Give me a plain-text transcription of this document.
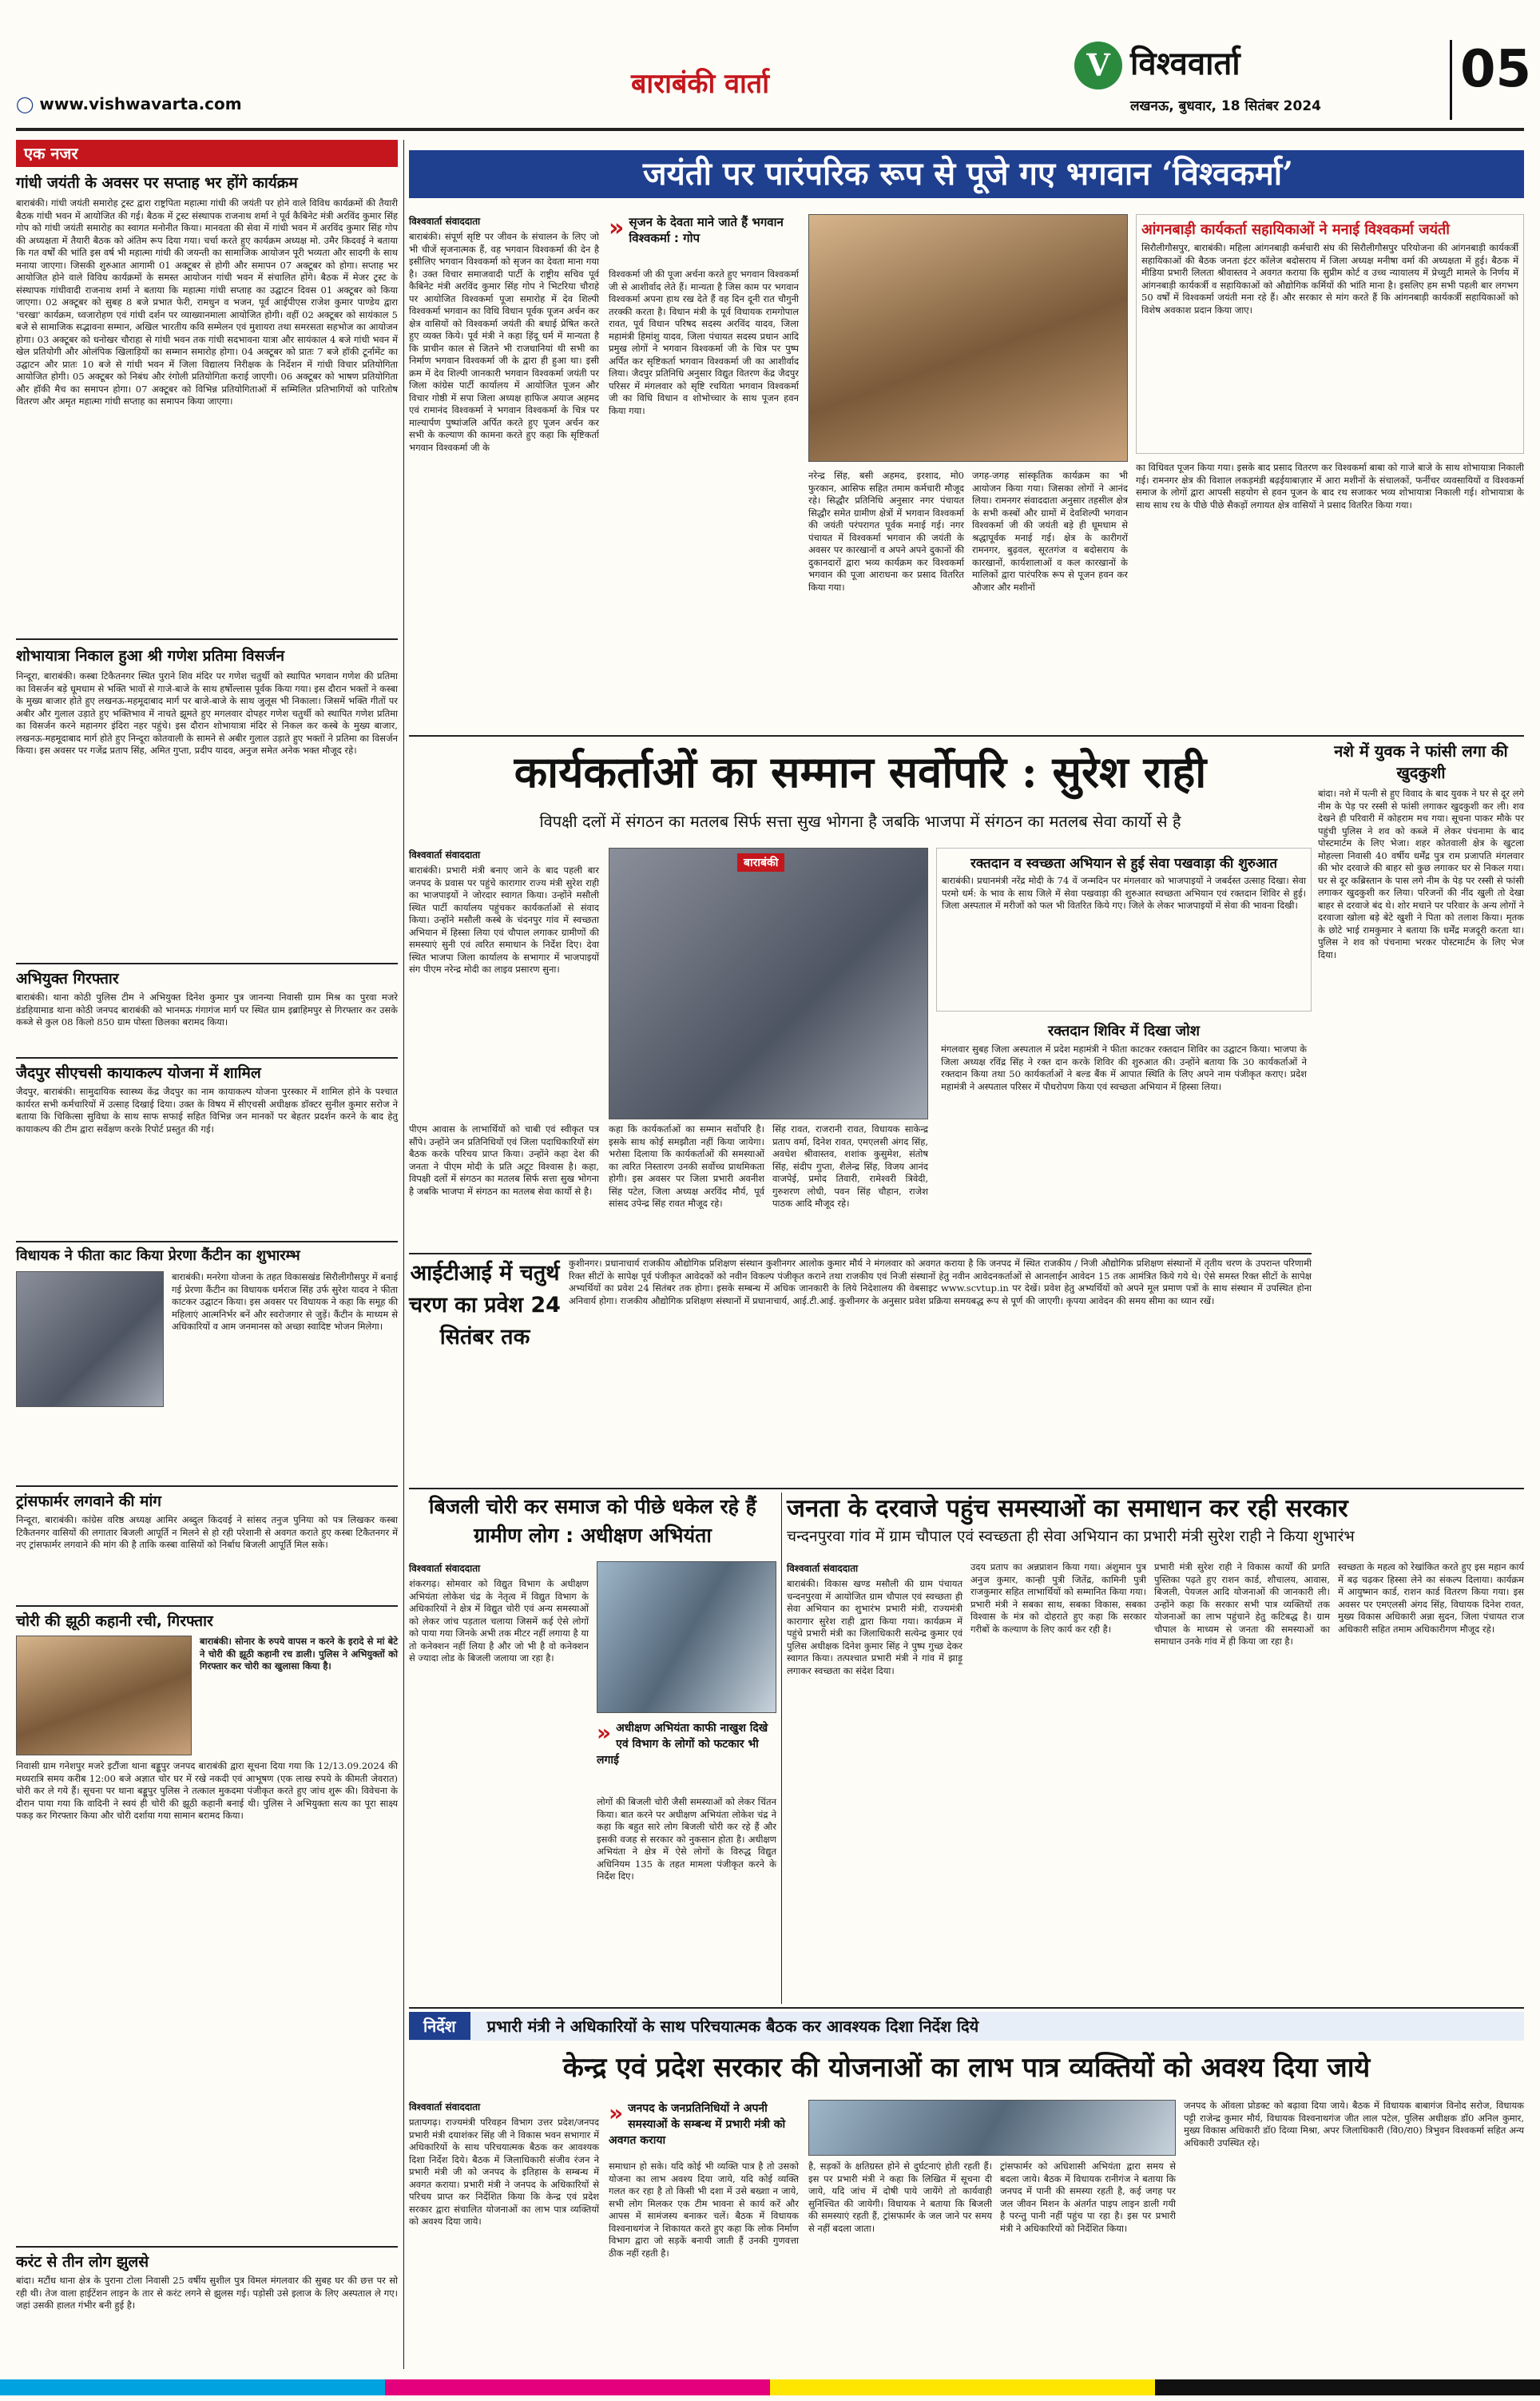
बाराबंकी वार्ता
◯ www.vishwavarta.com
V विश्ववार्ता
लखनऊ, बुधवार, 18 सितंबर 2024
05
एक नजर
गांधी जयंती के अवसर पर सप्ताह भर होंगे कार्यक्रम
बाराबंकी। गांधी जयंती समारोह ट्रस्ट द्वारा राष्ट्रपिता महात्मा गांधी की जयंती पर होने वाले विविध कार्यक्रमों की तैयारी बैठक गांधी भवन में आयोजित की गई। बैठक में ट्रस्ट संस्थापक राजनाथ शर्मा ने पूर्व कैबिनेट मंत्री अरविंद कुमार सिंह गोप को गांधी जयंती समारोह का स्वागत मनोनीत किया। मानवता की सेवा में गांधी भवन में अरविंद कुमार सिंह गोप की अध्यक्षता में तैयारी बैठक को अंतिम रूप दिया गया। चर्चा करते हुए कार्यक्रम अध्यक्ष मो. उमैर किदवई ने बताया कि गत वर्षों की भांति इस वर्ष भी महात्मा गांधी की जयन्ती का सामाजिक आयोजन पूरी भव्यता और सादगी के साथ मनाया जाएगा। जिसकी शुरुआत आगामी 01 अक्टूबर से होगी और समापन 07 अक्टूबर को होगा। सप्ताह भर आयोजित होने वाले विविध कार्यक्रमों के समस्त आयोजन गांधी भवन में संचालित होंगे। बैठक में मेजर ट्रस्ट के संस्थापक गांधीवादी राजनाथ शर्मा ने बताया कि महात्मा गांधी सप्ताह का उद्घाटन दिवस 01 अक्टूबर को किया जाएगा। 02 अक्टूबर को सुबह 8 बजे प्रभात फेरी, रामधुन व भजन, पूर्व आईपीएस राजेश कुमार पाण्डेय द्वारा 'चरखा' कार्यक्रम, ध्वजारोहण एवं गांधी दर्शन पर व्याख्यानमाला आयोजित होगी। वहीं 02 अक्टूबर को सायंकाल 5 बजे से सामाजिक सद्भावना सम्मान, अखिल भारतीय कवि सम्मेलन एवं मुशायरा तथा समरसता सहभोज का आयोजन होगा। 03 अक्टूबर को धनोखर चौराहा से गांधी भवन तक गांधी सदभावना यात्रा और सायंकाल 4 बजे गांधी भवन में खेल प्रतियोगी और ओलंपिक खिलाड़ियों का सम्मान समारोह होगा। 04 अक्टूबर को प्रातः 7 बजे हॉकी टूर्नामेंट का उद्घाटन और प्रातः 10 बजे से गांधी भवन में जिला विद्यालय निरीक्षक के निर्देशन में गांधी विचार प्रतियोगिता आयोजित होगी। 05 अक्टूबर को निबंध और रंगोली प्रतियोगिता कराई जाएगी। 06 अक्टूबर को भाषण प्रतियोगिता और हॉकी मैच का समापन होगा। 07 अक्टूबर को विभिन्न प्रतियोगिताओं में सम्मिलित प्रतिभागियों को पारितोष वितरण और अमृत महात्मा गांधी सप्ताह का समापन किया जाएगा।
शोभायात्रा निकाल हुआ श्री गणेश प्रतिमा विसर्जन
निन्दूरा, बाराबंकी। कस्बा टिकैतनगर स्थित पुराने शिव मंदिर पर गणेश चतुर्थी को स्थापित भगवान गणेश की प्रतिमा का विसर्जन बड़े धूमधाम से भक्ति भावों से गाजे-बाजे के साथ हर्षोल्लास पूर्वक किया गया। इस दौरान भक्तों ने कस्बा के मुख्य बाजार होते हुए लखनऊ-महमूदाबाद मार्ग पर बाजे-बाजे के साथ जुलूस भी निकाला। जिसमें भक्ति गीतों पर अबीर और गुलाल उड़ाते हुए भक्तिभाव में नाचते झूमते हुए मगलवार दोपहर गणेश चतुर्थी को स्थापित गणेश प्रतिमा का विसर्जन करने महानगर इंदिरा नहर पहुंचे। इस दौरान शोभायात्रा मंदिर से निकल कर कस्बे के मुख्य बाजार, लखनऊ-महमूदाबाद मार्ग होते हुए निन्दूरा कोतवाली के सामने से अबीर गुलाल उड़ाते हुए भक्तों ने प्रतिमा का विसर्जन किया। इस अवसर पर गजेंद्र प्रताप सिंह, अमित गुप्ता, प्रदीप यादव, अनुज समेत अनेक भक्त मौजूद रहे।
अभियुक्त गिरफ्तार
बाराबंकी। थाना कोठी पुलिस टीम ने अभियुक्त दिनेश कुमार पुत्र जानन्या निवासी ग्राम मिश्र का पुरवा मजरे डंडहियामाड थाना कोठी जनपद बाराबंकी को भानमऊ गंगागंज मार्ग पर स्थित ग्राम इब्राहिमपुर से गिरफ्तार कर उसके कब्जे से कुल 08 किलो 850 ग्राम पोस्ता छिलका बरामद किया।
जैदपुर सीएचसी कायाकल्प योजना में शामिल
जैदपुर, बाराबंकी। सामुदायिक स्वास्थ्य केंद्र जैदपुर का नाम कायाकल्प योजना पुरस्कार में शामिल होने के पश्चात कार्यरत सभी कर्मचारियों में उत्साह दिखाई दिया। उक्त के विषय में सीएचसी अधीक्षक डॉक्टर सुनील कुमार सरोज ने बताया कि चिकित्सा सुविधा के साथ साफ सफाई सहित विभिन्न जन मानकों पर बेहतर प्रदर्शन करने के बाद हेतु कायाकल्प की टीम द्वारा सर्वेक्षण करके रिपोर्ट प्रस्तुत की गई।
विधायक ने फीता काट किया प्रेरणा कैंटीन का शुभारम्भ
बाराबंकी। मनरेगा योजना के तहत विकासखंड सिरौलीगौसपुर में बनाई गई प्रेरणा कैंटीन का विधायक धर्मराज सिंह उर्फ सुरेश यादव ने फीता काटकर उद्घाटन किया। इस अवसर पर विधायक ने कहा कि समूह की महिलाएं आत्मनिर्भर बनें और स्वरोजगार से जुड़ें। कैंटीन के माध्यम से अधिकारियों व आम जनमानस को अच्छा स्वादिष्ट भोजन मिलेगा।
ट्रांसफार्मर लगवाने की मांग
निन्दूरा, बाराबंकी। कांग्रेस वरिष्ठ अध्यक्ष आमिर अब्दुल किदवई ने सांसद तनुज पुनिया को पत्र लिखकर कस्बा टिकैतनगर वासियों की लगातार बिजली आपूर्ति न मिलने से हो रही परेशानी से अवगत कराते हुए कस्बा टिकैतनगर में नए ट्रांसफार्मर लगवाने की मांग की है ताकि कस्बा वासियों को निर्बाध बिजली आपूर्ति मिल सके।
चोरी की झूठी कहानी रची, गिरफ्तार
बाराबंकी। सोनार के रुपये वापस न करने के इरादे से मां बेटे ने चोरी की झूठी कहानी रच डाली। पुलिस ने अभियुक्तों को गिरफ्तार कर चोरी का खुलासा किया है।
निवासी ग्राम गनेशपुर मजरे इटौंजा थाना बड्डूपुर जनपद बाराबंकी द्वारा सूचना दिया गया कि 12/13.09.2024 की मध्यरात्रि समय करीब 12:00 बजे अज्ञात चोर घर में रखे नकदी एवं आभूषण (एक लाख रुपये के कीमती जेवरात) चोरी कर ले गये हैं। सूचना पर थाना बड्डूपुर पुलिस ने तत्काल मुकदमा पंजीकृत करते हुए जांच शुरू की। विवेचना के दौरान पाया गया कि वादिनी ने स्वयं ही चोरी की झूठी कहानी बनाई थी। पुलिस ने अभियुक्ता सत्य का पूरा साक्ष्य पकड़ कर गिरफ्तार किया और चोरी दर्शाया गया सामान बरामद किया।
करंट से तीन लोग झुलसे
बांदा। मटौंध थाना क्षेत्र के पुराना टोला निवासी 25 वर्षीय सुशील पुत्र विमल मंगलवार की सुबह घर की छत्त पर सो रही थी। तेज वाला हाईटेंशन लाइन के तार से करंट लगने से झुलस गई। पड़ोसी उसे इलाज के लिए अस्पताल ले गए। जहां उसकी हालत गंभीर बनी हुई है।
जयंती पर पारंपरिक रूप से पूजे गए भगवान ‘विश्वकर्मा’
विश्ववार्ता संवाददाता
बाराबंकी। संपूर्ण सृष्टि पर जीवन के संचालन के लिए जो भी चीजें सृजनात्मक हैं, वह भगवान विश्वकर्मा की देन है इसीलिए भगवान विश्वकर्मा को सृजन का देवता माना गया है। उक्त विचार समाजवादी पार्टी के राष्ट्रीय सचिव पूर्व कैबिनेट मंत्री अरविंद कुमार सिंह गोप ने भिटरिया चौराहे पर आयोजित विश्वकर्मा पूजा समारोह में देव शिल्पी विश्वकर्मा भगवान का विधि विधान पूर्वक पूजन अर्चन कर क्षेत्र वासियों को विश्वकर्मा जयंती की बधाई प्रेषित करते हुए व्यक्त किये। पूर्व मंत्री ने कहा हिंदू धर्म में मान्यता है कि प्राचीन काल से जितने भी राजधानियां थी सभी का निर्माण भगवान विश्वकर्मा जी के द्वारा ही हुआ था। इसी क्रम में देव शिल्पी जानकारी भगवान विश्वकर्मा जयंती पर जिला कांग्रेस पार्टी कार्यालय में आयोजित पूजन और विचार गोष्ठी में सपा जिला अध्यक्ष हाफिज अयाज अहमद एवं रामानंद विश्वकर्मा ने भगवान विश्वकर्मा के चित्र पर माल्यार्पण पुष्पांजलि अर्पित करते हुए पूजन अर्चन कर सभी के कल्याण की कामना करते हुए कहा कि सृष्टिकर्ता भगवान विश्वकर्मा जी के
» सृजन के देवता माने जाते हैं भगवान विश्वकर्मा : गोप
विश्वकर्मा जी की पूजा अर्चना करते हुए भगवान विश्वकर्मा जी से आशीर्वाद लेते हैं। मान्यता है जिस काम पर भगवान विश्वकर्मा अपना हाथ रख देते हैं वह दिन दूनी रात चौगुनी तरक्की करता है। विधान मंत्री के पूर्व विधायक रामगोपाल रावत, पूर्व विधान परिषद सदस्य अरविंद यादव, जिला महामंत्री हिमांशु यादव, जिला पंचायत सदस्य प्रधान आदि प्रमुख लोगों ने भगवान विश्वकर्मा जी के चित्र पर पुष्प अर्पित कर सृष्टिकर्ता भगवान विश्वकर्मा जी का आशीर्वाद लिया। जैदपुर प्रतिनिधि अनुसार विद्युत वितरण केंद्र जैदपुर परिसर में मंगलवार को सृष्टि रचयिता भगवान विश्वकर्मा जी का विधि विधान व शोभोच्चार के साथ पूजन हवन किया गया।
नरेन्द्र सिंह, बसी अहमद, इरशाद, मो0 फुरकान, आसिफ सहित तमाम कर्मचारी मौजूद रहे। सिद्धौर प्रतिनिधि अनुसार नगर पंचायत सिद्धौर समेत ग्रामीण क्षेत्रों में भगवान विश्वकर्मा की जयंती परंपरागत पूर्वक मनाई गई। नगर पंचायत में विश्वकर्मा भगवान की जयंती के अवसर पर कारखानों व अपने अपने दुकानों की दुकानदारों द्वारा भव्य कार्यक्रम कर विश्वकर्मा भगवान की पूजा आराधना कर प्रसाद वितरित किया गया।
जगह-जगह सांस्कृतिक कार्यक्रम का भी आयोजन किया गया। जिसका लोगों ने आनंद लिया। रामनगर संवाददाता अनुसार तहसील क्षेत्र के सभी कस्बों और ग्रामों में देवशिल्पी भगवान विश्वकर्मा जी की जयंती बड़े ही धूमधाम से श्रद्धापूर्वक मनाई गई। क्षेत्र के कारीगरों रामनगर, बुढ़वल, सूरतगंज व बदोसराय के कारखानों, कार्यशालाओं व कल कारखानों के मालिकों द्वारा पारंपरिक रूप से पूजन हवन कर औजार और मशीनों
आंगनबाड़ी कार्यकर्ता सहायिकाओं ने मनाई विश्वकर्मा जयंती
सिरौलीगौसपुर, बाराबंकी। महिला आंगनबाड़ी कर्मचारी संघ की सिरौलीगौसपुर परियोजना की आंगनबाड़ी कार्यकर्त्री सहायिकाओं की बैठक जनता इंटर कॉलेज बदोसराय में जिला अध्यक्ष मनीषा वर्मा की अध्यक्षता में हुई। बैठक में मीडिया प्रभारी लिलता श्रीवास्तव ने अवगत कराया कि सुप्रीम कोर्ट व उच्च न्यायालय में प्रेच्युटी मामले के निर्णय में आंगनबाड़ी कार्यकर्त्री व सहायिकाओं को औद्योगिक कर्मियों की भांति माना है। इसलिए हम सभी पहली बार लगभग 50 वर्षों में विश्वकर्मा जयंती मना रहे हैं। और सरकार से मांग करते हैं कि आंगनबाड़ी कार्यकर्त्री सहायिकाओं को विशेष अवकाश प्रदान किया जाए।
का विधिवत पूजन किया गया। इसके बाद प्रसाद वितरण कर विश्वकर्मा बाबा को गाजे बाजे के साथ शोभायात्रा निकाली गई। रामनगर क्षेत्र की विशाल लकड़मंडी बढ़ईयाबाज़ार में आरा मशीनों के संचालकों, फर्नीचर व्यवसायियों व विश्वकर्मा समाज के लोगों द्वारा आपसी सहयोग से हवन पूजन के बाद रथ सजाकर भव्य शोभायात्रा निकाली गई। शोभायात्रा के साथ साथ रथ के पीछे पीछे सैकड़ों लगायत क्षेत्र वासियों ने प्रसाद वितरित किया गया।
कार्यकर्ताओं का सम्मान सर्वोपरि : सुरेश राही
विपक्षी दलों में संगठन का मतलब सिर्फ सत्ता सुख भोगना है जबकि भाजपा में संगठन का मतलब सेवा कार्यो से है
विश्ववार्ता संवाददाता
बाराबंकी। प्रभारी मंत्री बनाए जाने के बाद पहली बार जनपद के प्रवास पर पहुंचे कारागार राज्य मंत्री सुरेश राही का भाजपाइयों ने जोरदार स्वागत किया। उन्होंने मसौली स्थित पार्टी कार्यालय पहुंचकर कार्यकर्ताओं से संवाद किया। उन्होंने मसौली कस्बे के चंदनपुर गांव में स्वच्छता अभियान में हिस्सा लिया एवं चौपाल लगाकर ग्रामीणों की समस्याएं सुनी एवं त्वरित समाधान के निर्देश दिए। देवा स्थित भाजपा जिला कार्यालय के सभागार में भाजपाइयों संग पीएम नरेन्द्र मोदी का लाइव प्रसारण सुना।
बाराबंकी	रक्तदान व स्वच्छता अभियान से हुई सेवा पखवाड़ा की शुरुआत
बाराबंकी। प्रधानमंत्री नरेंद्र मोदी के 74 वें जन्मदिन पर मंगलवार को भाजपाइयों ने जबर्दस्त उत्साह दिखा। सेवा परमो धर्म: के भाव के साथ जिले में सेवा पखवाड़ा की शुरुआत स्वच्छता अभियान एवं रक्तदान शिविर से हुई। जिला अस्पताल में मरीजों को फल भी वितरित किये गए। जिले के लेकर भाजपाइयों में सेवा की भावना दिखी।
रक्तदान शिविर में दिखा जोश
मंगलवार सुबह जिला अस्पताल में प्रदेश महामंत्री ने फीता काटकर रक्तदान शिविर का उद्घाटन किया। भाजपा के जिला अध्यक्ष रविंद्र सिंह ने रक्त दान करके शिविर की शुरुआत की। उन्होंने बताया कि 30 कार्यकर्ताओं ने रक्तदान किया तथा 50 कार्यकर्ताओं ने बल्ड बैंक में आपात स्थिति के लिए अपने नाम पंजीकृत कराए। प्रदेश महामंत्री ने अस्पताल परिसर में पौधरोपण किया एवं स्वच्छता अभियान में हिस्सा लिया।
पीएम आवास के लाभार्थियों को चाबी एवं स्वीकृत पत्र सौंपे। उन्होंने जन प्रतिनिधियों एवं जिला पदाधिकारियों संग बैठक करके परिचय प्राप्त किया। उन्होंने कहा देश की जनता ने पीएम मोदी के प्रति अटूट विश्वास है। कहा, विपक्षी दलों में संगठन का मतलब सिर्फ सत्ता सुख भोगना है जबकि भाजपा में संगठन का मतलब सेवा कार्यो से है।
कहा कि कार्यकर्ताओं का सम्मान सर्वोपरि है। इसके साथ कोई समझौता नहीं किया जायेगा। भरोसा दिलाया कि कार्यकर्ताओं की समस्याओं का त्वरित निस्तारण उनकी सर्वोच्च प्राथमिकता होगी। इस अवसर पर जिला प्रभारी अवनीश सिंह पटेल, जिला अध्यक्ष अरविंद मौर्य, पूर्व सांसद उपेन्द्र सिंह रावत मौजूद रहे।
सिंह रावत, राजरानी रावत, विधायक साकेन्द्र प्रताप वर्मा, दिनेश रावत, एमएलसी अंगद सिंह, अवधेश श्रीवास्तव, शशांक कुसुमेश, संतोष सिंह, संदीप गुप्ता, शैलेन्द्र सिंह, विजय आनंद वाजपेई, प्रमोद तिवारी, रामेश्वरी त्रिवेदी, गुरुशरण लोधी, पवन सिंह चौहान, राजेश पाठक आदि मौजूद रहे।
नशे में युवक ने फांसी लगा की खुदकुशी
बांदा। नशे में पत्नी से हुए विवाद के बाद युवक ने घर से दूर लगे नीम के पेड़ पर रस्सी से फांसी लगाकर खुदकुशी कर ली। शव देखने ही परिवारी में कोहराम मच गया। सूचना पाकर मौके पर पहुंची पुलिस ने शव को कब्जे में लेकर पंचनामा के बाद पोस्टमार्टम के लिए भेजा। शहर कोतवाली क्षेत्र के खुटला मोहल्ला निवासी 40 वर्षीय धर्मेंद्र पुत्र राम प्रजापति मंगलवार की भोर दरवाजे की बाहर सो कुछ लगाकर घर से निकल गया। घर से दूर कब्रिस्तान के पास लगे नीम के पेड़ पर रस्सी से फांसी लगाकर खुदकुशी कर लिया। परिजनों की नींद खुली तो देखा बाहर से दरवाजे बंद थे। शोर मचाने पर परिवार के अन्य लोगों ने दरवाजा खोला बड़े बेटे खुशी ने पिता को तलाश किया। मृतक के छोटे भाई रामकुमार ने बताया कि धर्मेंद्र मजदूरी करता था। पुलिस ने शव को पंचनामा भरकर पोस्टमार्टम के लिए भेज दिया।
आईटीआई में चतुर्थ चरण का प्रवेश 24 सितंबर तक
कुशीनगर। प्रधानाचार्य राजकीय औद्योगिक प्रशिक्षण संस्थान कुशीनगर आलोक कुमार मौर्य ने मंगलवार को अवगत कराया है कि जनपद में स्थित राजकीय / निजी औद्योगिक प्रशिक्षण संस्थानों में तृतीय चरण के उपरान्त परिणामी रिक्त सीटों के सापेक्ष पूर्व पंजीकृत आवेदकों को नवीन विकल्प पंजीकृत कराने तथा राजकीय एवं निजी संस्थानों हेतु नवीन आवेदनकर्ताओं से आनलाईन आवेदन 15 तक आमंत्रित किये गये थे। ऐसे समस्त रिक्त सीटों के सापेक्ष अभ्यर्थियों का प्रवेश 24 सितंबर तक होगा। इसके सम्बन्ध में अधिक जानकारी के लिये निदेशालय की वेबसाइट www.scvtup.in पर देखें। प्रवेश हेतु अभ्यर्थियों को अपने मूल प्रमाण पत्रों के साथ संस्थान में उपस्थित होना अनिवार्य होगा। राजकीय औद्योगिक प्रशिक्षण संस्थानों में प्रधानाचार्य, आई.टी.आई. कुशीनगर के अनुसार प्रवेश प्रक्रिया समयबद्ध रूप से पूर्ण की जाएगी। कृपया आवेदन की समय सीमा का ध्यान रखें।
बिजली चोरी कर समाज को पीछे धकेल रहे हैं ग्रामीण लोग : अधीक्षण अभियंता
विश्ववार्ता संवाददाता
शंकरगढ़। सोमवार को विद्युत विभाग के अधीक्षण अभियंता लोकेश चंद्र के नेतृत्व में विद्युत विभाग के अधिकारियों ने क्षेत्र में विद्युत चोरी एवं अन्य समस्याओं को लेकर जांच पड़ताल चलाया जिसमें कई ऐसे लोगों को पाया गया जिनके अभी तक मीटर नहीं लगाया है या तो कनेक्शन नहीं लिया है और जो भी है वो कनेक्शन से ज्यादा लोड के बिजली जलाया जा रहा है।
» अधीक्षण अभियंता काफी नाखुश दिखे एवं विभाग के लोगों को फटकार भी लगाई
लोगों की बिजली चोरी जैसी समस्याओं को लेकर चिंतन किया। बात करने पर अधीक्षण अभियंता लोकेश चंद्र ने कहा कि बहुत सारे लोग बिजली चोरी कर रहे हैं और इसकी वजह से सरकार को नुकसान होता है। अधीक्षण अभियंता ने क्षेत्र में ऐसे लोगों के विरुद्ध विद्युत अधिनियम 135 के तहत मामला पंजीकृत करने के निर्देश दिए।
जनता के दरवाजे पहुंच समस्याओं का समाधान कर रही सरकार
चन्दनपुरवा गांव में ग्राम चौपाल एवं स्वच्छता ही सेवा अभियान का प्रभारी मंत्री सुरेश राही ने किया शुभारंभ
विश्ववार्ता संवाददाता
बाराबंकी। विकास खण्ड मसौली की ग्राम पंचायत चन्दनपुरवा में आयोजित ग्राम चौपाल एवं स्वच्छता ही सेवा अभियान का शुभारंभ प्रभारी मंत्री, राज्यमंत्री कारागार सुरेश राही द्वारा किया गया। कार्यक्रम में पहुंचे प्रभारी मंत्री का जिलाधिकारी सत्येन्द्र कुमार एवं पुलिस अधीक्षक दिनेश कुमार सिंह ने पुष्प गुच्छ देकर स्वागत किया। तत्पश्चात प्रभारी मंत्री ने गांव में झाड़ू लगाकर स्वच्छता का संदेश दिया।
उदय प्रताप का अन्नप्राशन किया गया। अंशुमान पुत्र अनुज कुमार, कान्ही पुत्री जितेंद्र, कामिनी पुत्री राजकुमार सहित लाभार्थियों को सम्मानित किया गया। प्रभारी मंत्री ने सबका साथ, सबका विकास, सबका विश्वास के मंत्र को दोहराते हुए कहा कि सरकार गरीबों के कल्याण के लिए कार्य कर रही है।
प्रभारी मंत्री सुरेश राही ने विकास कार्यों की प्रगति पुस्तिका पढ़ते हुए राशन कार्ड, शौचालय, आवास, बिजली, पेयजल आदि योजनाओं की जानकारी ली। उन्होंने कहा कि सरकार सभी पात्र व्यक्तियों तक योजनाओं का लाभ पहुंचाने हेतु कटिबद्ध है। ग्राम चौपाल के माध्यम से जनता की समस्याओं का समाधान उनके गांव में ही किया जा रहा है।
स्वच्छता के महत्व को रेखांकित करते हुए इस महान कार्य में बढ़ चढ़कर हिस्सा लेने का संकल्प दिलाया। कार्यक्रम में आयुष्मान कार्ड, राशन कार्ड वितरण किया गया। इस अवसर पर एमएलसी अंगद सिंह, विधायक दिनेश रावत, मुख्य विकास अधिकारी अन्ना सुदन, जिला पंचायत राज अधिकारी सहित तमाम अधिकारीगण मौजूद रहे।
निर्देश प्रभारी मंत्री ने अधिकारियों के साथ परिचयात्मक बैठक कर आवश्यक दिशा निर्देश दिये
केन्द्र एवं प्रदेश सरकार की योजनाओं का लाभ पात्र व्यक्तियों को अवश्य दिया जाये
विश्ववार्ता संवाददाता
प्रतापगढ़। राज्यमंत्री परिवहन विभाग उत्तर प्रदेश/जनपद प्रभारी मंत्री दयाशंकर सिंह जी ने विकास भवन सभागार में अधिकारियों के साथ परिचयात्मक बैठक कर आवश्यक दिशा निर्देश दिये। बैठक में जिलाधिकारी संजीव रंजन ने प्रभारी मंत्री जी को जनपद के इतिहास के सम्बन्ध में अवगत कराया। प्रभारी मंत्री ने जनपद के अधिकारियों से परिचय प्राप्त कर निर्देशित किया कि केन्द्र एवं प्रदेश सरकार द्वारा संचालित योजनाओं का लाभ पात्र व्यक्तियों को अवश्य दिया जाये।
» जनपद के जनप्रतिनिधियों ने अपनी समस्याओं के सम्बन्ध में प्रभारी मंत्री को अवगत कराया
समाधान हो सके। यदि कोई भी व्यक्ति पात्र है तो उसको योजना का लाभ अवश्य दिया जाये, यदि कोई व्यक्ति गलत कर रहा है तो किसी भी दशा में उसे बख्शा न जाये, सभी लोग मिलकर एक टीम भावना से कार्य करें और आपस में सामंजस्य बनाकर चलें। बैठक में विधायक विश्वनाथगंज ने शिकायत करते हुए कहा कि लोक निर्माण विभाग द्वारा जो सड़कें बनायी जाती हैं उनकी गुणवत्ता ठीक नहीं रहती है।
है, सड़कों के क्षतिग्रस्त होने से दुर्घटनाएं होती रहती हैं। इस पर प्रभारी मंत्री ने कहा कि लिखित में सूचना दी जाये, यदि जांच में दोषी पाये जायेंगे तो कार्यवाही सुनिश्चित की जायेगी। विधायक ने बताया कि बिजली की समस्याएं रहती हैं, ट्रांसफार्मर के जल जाने पर समय से नहीं बदला जाता।
ट्रांसफार्मर को अधिशासी अभियंता द्वारा समय से बदला जाये। बैठक में विधायक रानीगंज ने बताया कि जनपद में पानी की समस्या रहती है, कई जगह पर जल जीवन मिशन के अंतर्गत पाइप लाइन डाली गयी है परन्तु पानी नहीं पहुंच पा रहा है। इस पर प्रभारी मंत्री ने अधिकारियों को निर्देशित किया।
जनपद के ऑवला प्रोडक्ट को बढ़ावा दिया जाये। बैठक में विधायक बाबागंज विनोद सरोज, विधायक पट्टी राजेन्द्र कुमार मौर्य, विधायक विश्वनाथगंज जीत लाल पटेल, पुलिस अधीक्षक डॉ0 अनिल कुमार, मुख्य विकास अधिकारी डॉ0 दिव्या मिश्रा, अपर जिलाधिकारी (वि0/रा0) त्रिभुवन विश्वकर्मा सहित अन्य अधिकारी उपस्थित रहे।
